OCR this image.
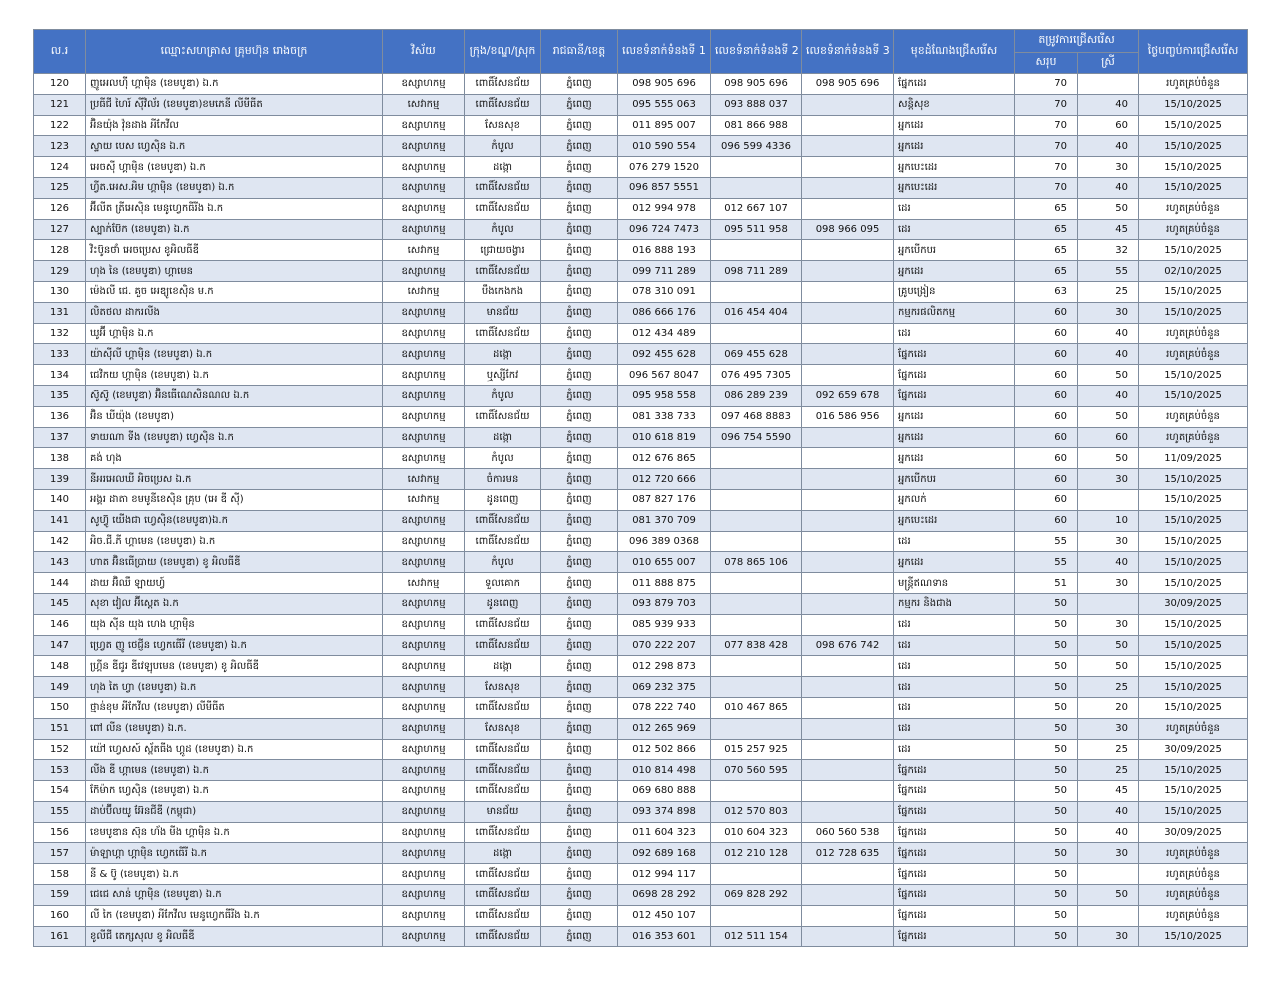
ល.រ	ឈ្មោះសហគ្រាស គ្រុមហ៊ុន រោងចក្រ	វិស័យ	ក្រុង/ខណ្ឌ/ស្រុក	រាជធានី/ខេត្ត	លេខទំនាក់ទំនងទី 1	លេខទំនាក់ទំនងទី 2	លេខទំនាក់ទំនងទី 3	មុខដំណែងជ្រើសរើស	តម្រូវការជ្រើសរើស		ថ្ងៃបញ្ចប់ការជ្រើសរើស
									សរុប	ស្រី	
120	ញូអេលហ៊ី ហ្គាម៉ិន (ខេមបូឌា) ឯ.ក	ឧស្សាហកម្ម	ពោធិ៍សែនជ័យ	ភ្នំពេញ	098 905 696	098 905 696	098 905 696	ផ្នែកដេរ	70		រហូតគ្រប់ចំនួន
121	ប្រធីជី ហៃរ៍ ស៊ីវិល័រ (ខេមបូឌា)ខមភេនី លីមីធីត	សេវាកម្ម	ពោធិ៍សែនជ័យ	ភ្នំពេញ	095 555 063	093 888 037		សន្តិសុខ	70	40	15/10/2025
122	អ៊ិនយ៉ុង វ៉ុនដាង អីកែវីល	ឧស្សាហកម្ម	សែនសុខ	ភ្នំពេញ	011 895 007	081 866 988		អ្នកដេរ	70	60	15/10/2025
123	ស្ទាយ បេស ហ្វេស៊ិន ឯ.ក	ឧស្សាហកម្ម	កំបូល	ភ្នំពេញ	010 590 554	096 599 4336		អ្នកដេរ	70	40	15/10/2025
124	អេចស៊ី ហ្គាម៉ិន (ខេមបូឌា) ឯ.ក	ឧស្សាហកម្ម	ដង្កោ	ភ្នំពេញ	076 279 1520			អ្នកបេះដេរ	70	30	15/10/2025
125	ហ្វីត.អេស.អិម ហ្គាម៉ិន (ខេមបូឌា) ឯ.ក	ឧស្សាហកម្ម	ពោធិ៍សែនជ័យ	ភ្នំពេញ	096 857 5551			អ្នកបេះដេរ	70	40	15/10/2025
126	អ៊ីលីត ត្រីអេស៊ិន មេនូហ្វេកធីរីង ឯ.ក	ឧស្សាហកម្ម	ពោធិ៍សែនជ័យ	ភ្នំពេញ	012 994 978	012 667 107		ដេរ	65	50	រហូតគ្រប់ចំនួន
127	ស្បាក់ប៊ែក (ខេមបូឌា) ឯ.ក	ឧស្សាហកម្ម	កំបូល	ភ្នំពេញ	096 724 7473	095 511 958	098 966 095	ដេរ	65	45	រហូតគ្រប់ចំនួន
128	វិះប៊ូនថាំ អេចប្រេស ខូអិលធីឌី	សេវាកម្ម	ជ្រោយចង្វារ	ភ្នំពេញ	016 888 193			អ្នកបើកបរ	65	32	15/10/2025
129	ហុង នៃ (ខេមបូឌា) ហ្គាមេន	ឧស្សាហកម្ម	ពោធិ៍សែនជ័យ	ភ្នំពេញ	099 711 289	098 711 289		អ្នកដេរ	65	55	02/10/2025
130	ម៉េងលី ជេ. គួច អេឌ្យូខេស៊ិន ម.ក	សេវាកម្ម	បឹងកេងកង	ភ្នំពេញ	078 310 091			គ្រូបង្រៀន	63	25	15/10/2025
131	លិតថល ដាករលីង	ឧស្សាហកម្ម	មានជ័យ	ភ្នំពេញ	086 666 176	016 454 404		កម្មករផលិតកម្ម	60	30	15/10/2025
132	ឃូអ៊ី ហ្គាម៉ិន ឯ.ក	ឧស្សាហកម្ម	ពោធិ៍សែនជ័យ	ភ្នំពេញ	012 434 489			ដេរ	60	40	រហូតគ្រប់ចំនួន
133	យ៉ាស៊ីលី ហ្គាម៉ិន (ខេមបូឌា) ឯ.ក	ឧស្សាហកម្ម	ដង្កោ	ភ្នំពេញ	092 455 628	069 455 628		ផ្នែកដេរ	60	40	រហូតគ្រប់ចំនួន
134	ជេវិកយ ហ្គាម៉ិន (ខេមបូឌា) ឯ.ក	ឧស្សាហកម្ម	ឬស្សីកែវ	ភ្នំពេញ	096 567 8047	076 495 7305		ផ្នែកដេរ	60	50	15/10/2025
135	ស៊ូស៊ូ (ខេមបូឌា) អ៊ិនធើណេសិនណល ឯ.ក	ឧស្សាហកម្ម	កំបូល	ភ្នំពេញ	095 958 558	086 289 239	092 659 678	ផ្នែកដេរ	60	40	15/10/2025
136	អ៊ិន ឃីយ៉ុង (ខេមបូឌា)	ឧស្សាហកម្ម	ពោធិ៍សែនជ័យ	ភ្នំពេញ	081 338 733	097 468 8883	016 586 956	អ្នកដេរ	60	50	រហូតគ្រប់ចំនួន
137	ទាយណា ទីង (ខេមបូឌា) ហ្វេស៊ិន ឯ.ក	ឧស្សាហកម្ម	ដង្កោ	ភ្នំពេញ	010 618 819	096 754 5590		អ្នកដេរ	60	60	រហូតគ្រប់ចំនួន
138	គង់ ហុង	ឧស្សាហកម្ម	កំបូល	ភ្នំពេញ	012 676 865			អ្នកដេរ	60	50	11/09/2025
139	នីអរអេលឃី អិចប្រេស ឯ.ក	សេវាកម្ម	ចំការមន	ភ្នំពេញ	012 720 666			អ្នកបើកបរ	60	30	15/10/2025
140	អង្គរ ដាតា ខមមូនីខេស៊ិន គ្រុប (អេ ឌី ស៊ី)	សេវាកម្ម	ដូនពេញ	ភ្នំពេញ	087 827 176			អ្នកលក់	60		15/10/2025
141	សូហ៊្វូ យើងជា ហ្វេស៊ិន(ខេមបូឌា)ឯ.ក	ឧស្សាហកម្ម	ពោធិ៍សែនជ័យ	ភ្នំពេញ	081 370 709			អ្នកបេះដេរ	60	10	15/10/2025
142	អិច.ជី.ភី ហ្គាមេន (ខេមបូឌា) ឯ.ក	ឧស្សាហកម្ម	ពោធិ៍សែនជ័យ	ភ្នំពេញ	096 389 0368			ដេរ	55	30	15/10/2025
143	ហាត អ៊ិនធើប្រាយ (ខេមបូឌា) ខូ អិលធីឌី	ឧស្សាហកម្ម	កំបូល	ភ្នំពេញ	010 655 007	078 865 106		អ្នកដេរ	55	40	15/10/2025
144	ដាយ អ៊ិឈឺ ឡាយហ្វ៍	សេវាកម្ម	ទួលគោក	ភ្នំពេញ	011 888 875			មន្ត្រីឥណទាន	51	30	15/10/2025
145	សុខា វៀល អ៊ីស្តេត ឯ.ក	ឧស្សាហកម្ម	ដូនពេញ	ភ្នំពេញ	093 879 703			កម្មករ និងជាង	50		30/09/2025
146	យុង ស៊ីន យុង ហេង ហ្គាម៉ិន	ឧស្សាហកម្ម	ពោធិ៍សែនជ័យ	ភ្នំពេញ	085 939 933			ដេរ	50	30	15/10/2025
147	ហ្វ្រេត ញូ ថេជ្ញីន ហ្វេកធើរី (ខេមបូឌា) ឯ.ក	ឧស្សាហកម្ម	ពោធិ៍សែនជ័យ	ភ្នំពេញ	070 222 207	077 838 428	098 676 742	ដេរ	50	50	15/10/2025
148	ហ្គ្រីន ឌីជូរ ឌីវេឡុបមេន (ខេមបូឌា) ខូ អិលធីឌី	ឧស្សាហកម្ម	ដង្កោ	ភ្នំពេញ	012 298 873			ដេរ	50	50	15/10/2025
149	ហុង តៃ ហ្វា (ខេមបូឌា) ឯ.ក	ឧស្សាហកម្ម	សែនសុខ	ភ្នំពេញ	069 232 375			ដេរ	50	25	15/10/2025
150	ថ្មាន់ខុម អីកែវីល (ខេមបូឌា) លីមីធីត	ឧស្សាហកម្ម	ពោធិ៍សែនជ័យ	ភ្នំពេញ	078 222 740	010 467 865		ដេរ	50	20	15/10/2025
151	ពៅ លីន (ខេមបូឌា) ឯ.ក.	ឧស្សាហកម្ម	សែនសុខ	ភ្នំពេញ	012 265 969			ដេរ	50	30	រហូតគ្រប់ចំនួន
152	យ៉ៅ ហ្វេសស៍ ស្ព័តធីង ហ្គូដ (ខេមបូឌា) ឯ.ក	ឧស្សាហកម្ម	ពោធិ៍សែនជ័យ	ភ្នំពេញ	012 502 866	015 257 925		ដេរ	50	25	30/09/2025
153	លីង ឌី ហ្គាមេន (ខេមបូឌា) ឯ.ក	ឧស្សាហកម្ម	ពោធិ៍សែនជ័យ	ភ្នំពេញ	010 814 498	070 560 595		ផ្នែកដេរ	50	25	15/10/2025
154	ក៊ែម៉ាក ហ្វេស៊ិន (ខេមបូឌា) ឯ.ក	ឧស្សាហកម្ម	ពោធិ៍សែនជ័យ	ភ្នំពេញ	069 680 888			ផ្នែកដេរ	50	45	15/10/2025
155	ដាប់ប៊ីលយូ អ៊ែនជីឌី (កម្ពុជា)	ឧស្សាហកម្ម	មានជ័យ	ភ្នំពេញ	093 374 898	012 570 803		ផ្នែកដេរ	50	40	15/10/2025
156	ខេមបូឌាន ស៊ុន ហ័ង មីង ហ្គាម៉ិន ឯ.ក	ឧស្សាហកម្ម	ពោធិ៍សែនជ័យ	ភ្នំពេញ	011 604 323	010 604 323	060 560 538	ផ្នែកដេរ	50	40	30/09/2025
157	ម៉ាឡាហ្គា ហ្គាម៉ិន ហ្វេកធើរី ឯ.ក	ឧស្សាហកម្ម	ដង្កោ	ភ្នំពេញ	092 689 168	012 210 128	012 728 635	ផ្នែកដេរ	50	30	រហូតគ្រប់ចំនួន
158	នី & ប៊ូ (ខេមបូឌា) ឯ.ក	ឧស្សាហកម្ម	ពោធិ៍សែនជ័យ	ភ្នំពេញ	012 994 117			ផ្នែកដេរ	50		រហូតគ្រប់ចំនួន
159	ជេជេ សាន់ ហ្គាម៉ិន (ខេមបូឌា) ឯ.ក	ឧស្សាហកម្ម	ពោធិ៍សែនជ័យ	ភ្នំពេញ	0698 28 292	069 828 292		ផ្នែកដេរ	50	50	រហូតគ្រប់ចំនួន
160	លី កៃ (ខេមបូឌា) អីកែវីល មេនូហ្វេកធីរីង ឯ.ក	ឧស្សាហកម្ម	ពោធិ៍សែនជ័យ	ភ្នំពេញ	012 450 107			ផ្នែកដេរ	50		រហូតគ្រប់ចំនួន
161	ខូលីជី តេក្សសុល ខូ អិលធីឌី	ឧស្សាហកម្ម	ពោធិ៍សែនជ័យ	ភ្នំពេញ	016 353 601	012 511 154		ផ្នែកដេរ	50	30	15/10/2025
